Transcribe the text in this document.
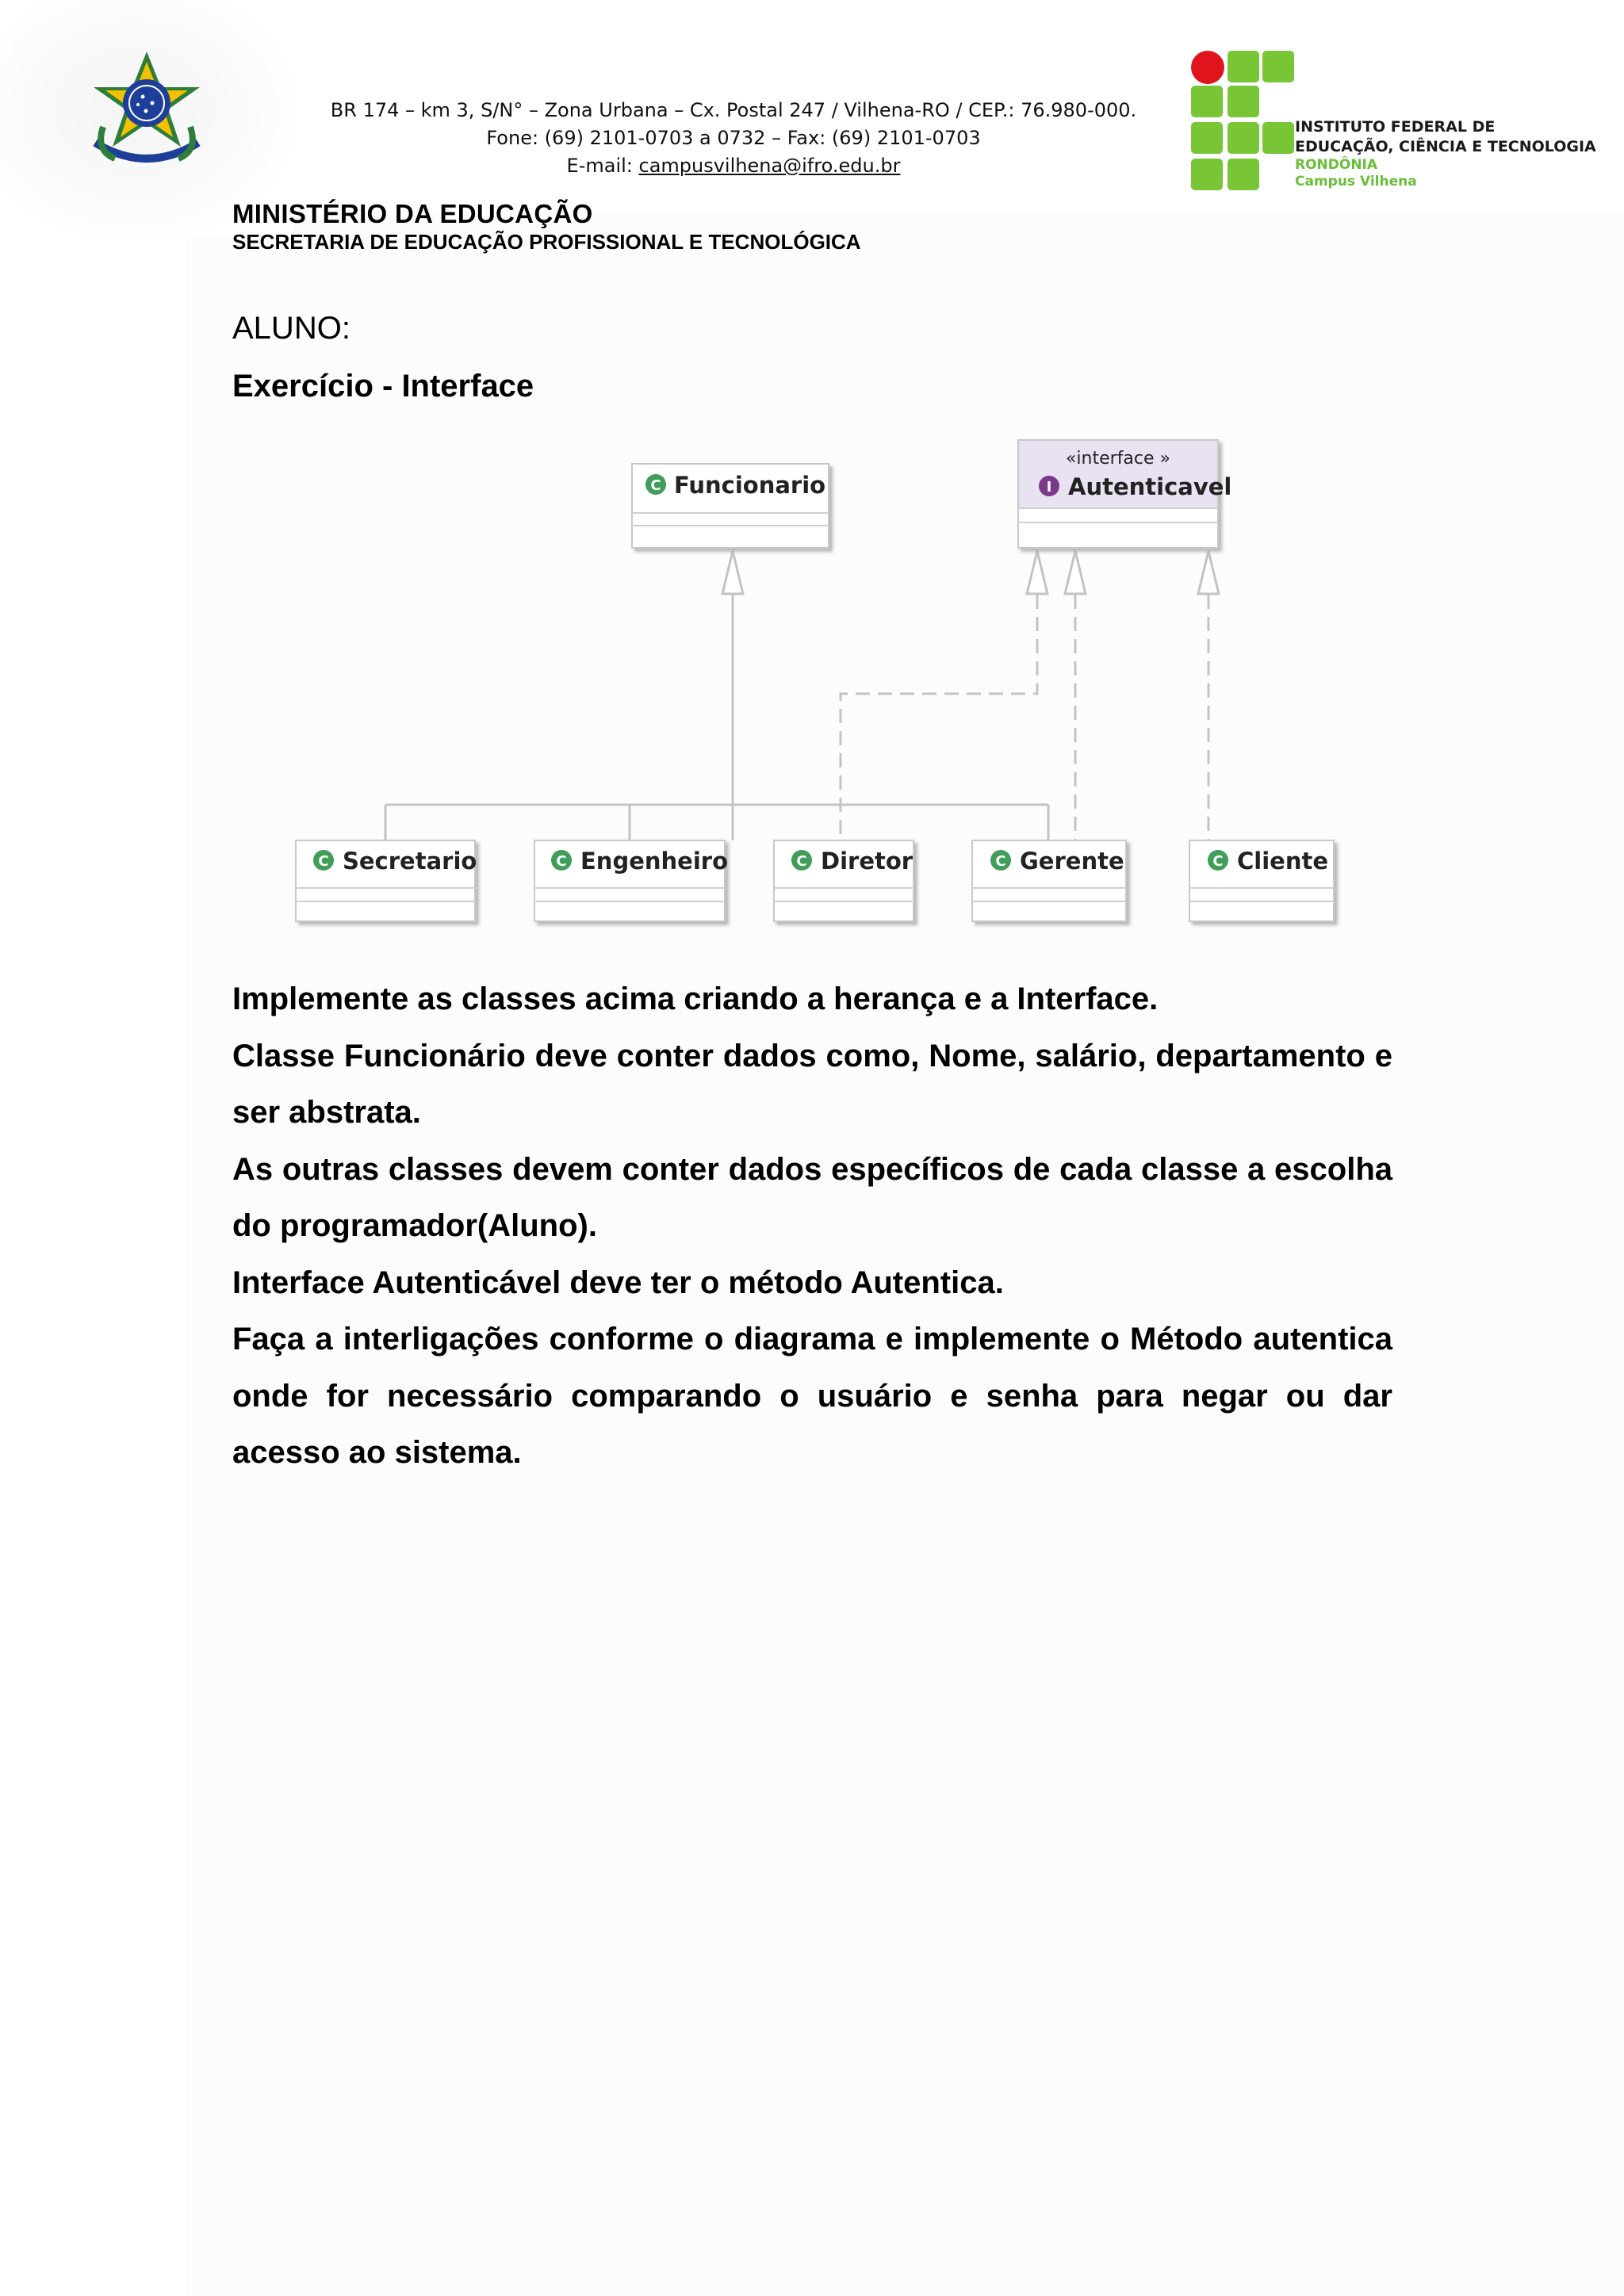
BR 174 – km 3, S/N° – Zona Urbana – Cx. Postal 247 / Vilhena-RO / CEP.: 76.980-000.
Fone: (69) 2101-0703 a 0732 – Fax: (69) 2101-0703
E-mail: campusvilhena@ifro.edu.br
MINISTÉRIO DA EDUCAÇÃO
SECRETARIA DE EDUCAÇÃO PROFISSIONAL E TECNOLÓGICA
INSTITUTO FEDERAL DE
EDUCAÇÃO, CIÊNCIA E TECNOLOGIA
RONDÔNIA
Campus Vilhena
ALUNO:
Exercício - Interface
C Funcionario
«interface »
I Autenticavel
C Secretario	C Engenheiro	C Diretor	C Gerente	C Cliente

Implemente as classes acima criando a herança e a Interface.

Classe Funcionário deve conter dados como, Nome, salário, departamento e ser abstrata.

As outras classes devem conter dados específicos de cada classe a escolha do programador(Aluno).

Interface Autenticável deve ter o método Autentica.

Faça a interligações conforme o diagrama e implemente o Método autentica onde for necessário comparando o usuário e senha para negar ou dar acesso ao sistema.
